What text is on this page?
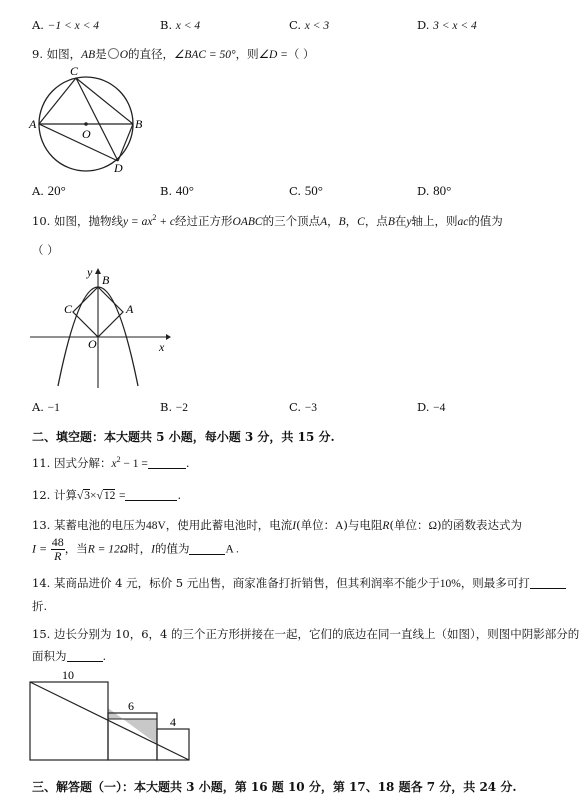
A. −1 < x < 4	B. x < 4	C. x < 3	D. 3 < x < 4
9. 如图，AB是 O的直径，∠BAC = 50°，则∠D =（ ）
A	B
C
D
O
A. 20°	B. 40°	C. 50°	D. 80°
10. 如图，抛物线$y = ax^2 + c$经过正方形OABC的三个顶点A，B，C，点B在y轴上，则ac的值为
（ ）
y
B
C	A
O	x
A. −1	B. −2	C. −3	D. −4
二、填空题：本大题共 5 小题，每小题 3 分，共 15 分.
11. 因式分解：$x^2 - 1$ =	.
12. 计算√3×√12 =	.
13. 某蓄电池的电压为48V，使用此蓄电池时，电流I(单位：A)与电阻R(单位：Ω)的函数表达式为
$I = \frac{48}{R}$ ，当R = 12Ω时，I的值为	A .
14. 某商品进价 4 元，标价 5 元出售，商家准备打折销售，但其利润率不能少于10%，则最多可打
折.
15. 边长分别为 10，6，4 的三个正方形拼接在一起，它们的底边在同一直线上（如图），则图中阴影部分的
面积为	.
10
6
4
三、解答题（一）：本大题共 3 小题，第 16 题 10 分，第 17、18 题各 7 分，共 24 分.
